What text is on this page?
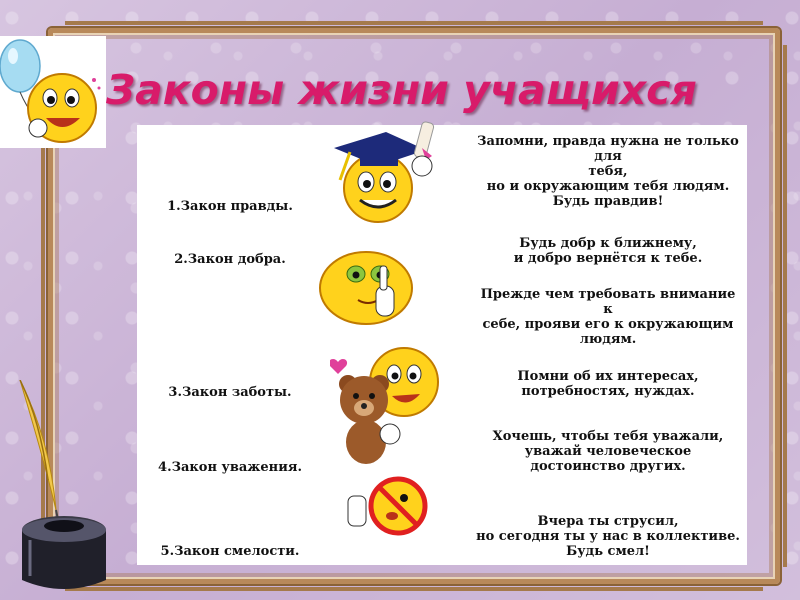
Законы жизни учащихся
1.Закон правды.
2.Закон добра.
3.Закон заботы.
4.Закон уважения.
5.Закон смелости.
Запомни, правда нужна не только
для
тебя,
но и окружающим тебя людям.
Будь правдив!
Будь добр к ближнему,
и добро вернётся к тебе.
Прежде чем требовать внимание
к
себе, прояви его к окружающим
людям.
Помни об их интересах,
потребностях, нуждах.
Хочешь, чтобы тебя уважали,
уважай человеческое
достоинство других.
Вчера ты струсил,
но сегодня ты у нас в коллективе.
Будь смел!
